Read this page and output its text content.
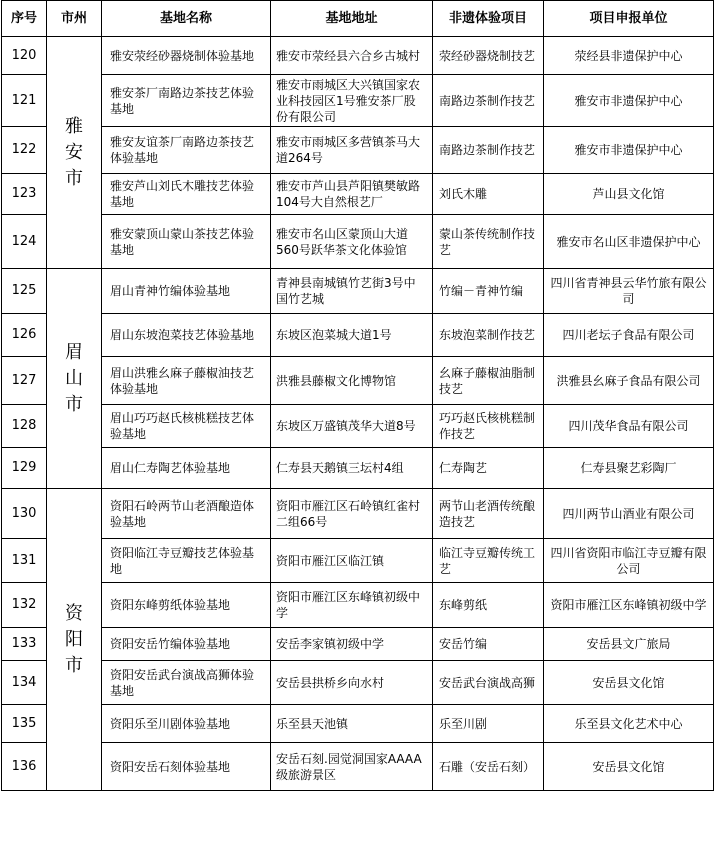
序号	市州	基地名称	基地地址	非遗体验项目	项目申报单位
120	雅安市	雅安荥经砂器烧制体验基地	雅安市荥经县六合乡古城村	荥经砂器烧制技艺	荥经县非遗保护中心
121		雅安茶厂南路边茶技艺体验基地	雅安市雨城区大兴镇国家农业科技园区1号雅安茶厂股份有限公司	南路边茶制作技艺	雅安市非遗保护中心
122		雅安友谊茶厂南路边茶技艺体验基地	雅安市雨城区多营镇茶马大道264号	南路边茶制作技艺	雅安市非遗保护中心
123		雅安芦山刘氏木雕技艺体验基地	雅安市芦山县芦阳镇樊敏路104号大自然根艺厂	刘氏木雕	芦山县文化馆
124		雅安蒙顶山蒙山茶技艺体验基地	雅安市名山区蒙顶山大道560号跃华茶文化体验馆	蒙山茶传统制作技艺	雅安市名山区非遗保护中心
125	眉山市	眉山青神竹编体验基地	青神县南城镇竹艺街3号中国竹艺城	竹编－青神竹编	四川省青神县云华竹旅有限公司
126		眉山东坡泡菜技艺体验基地	东坡区泡菜城大道1号	东坡泡菜制作技艺	四川老坛子食品有限公司
127		眉山洪雅幺麻子藤椒油技艺体验基地	洪雅县藤椒文化博物馆	幺麻子藤椒油脂制技艺	洪雅县幺麻子食品有限公司
128		眉山巧巧赵氏核桃糕技艺体验基地	东坡区万盛镇茂华大道8号	巧巧赵氏核桃糕制作技艺	四川茂华食品有限公司
129		眉山仁寿陶艺体验基地	仁寿县天鹅镇三坛村4组	仁寿陶艺	仁寿县聚艺彩陶厂
130	资阳市	资阳石岭两节山老酒酿造体验基地	资阳市雁江区石岭镇红雀村二组66号	两节山老酒传统酿造技艺	四川两节山酒业有限公司
131		资阳临江寺豆瓣技艺体验基地	资阳市雁江区临江镇	临江寺豆瓣传统工艺	四川省资阳市临江寺豆瓣有限公司
132		资阳东峰剪纸体验基地	资阳市雁江区东峰镇初级中学	东峰剪纸	资阳市雁江区东峰镇初级中学
133		资阳安岳竹编体验基地	安岳李家镇初级中学	安岳竹编	安岳县文广旅局
134		资阳安岳武台演战高狮体验基地	安岳县拱桥乡向水村	安岳武台演战高狮	安岳县文化馆
135		资阳乐至川剧体验基地	乐至县天池镇	乐至川剧	乐至县文化艺术中心
136		资阳安岳石刻体验基地	安岳石刻.园觉洞国家AAAA级旅游景区	石雕（安岳石刻）	安岳县文化馆
